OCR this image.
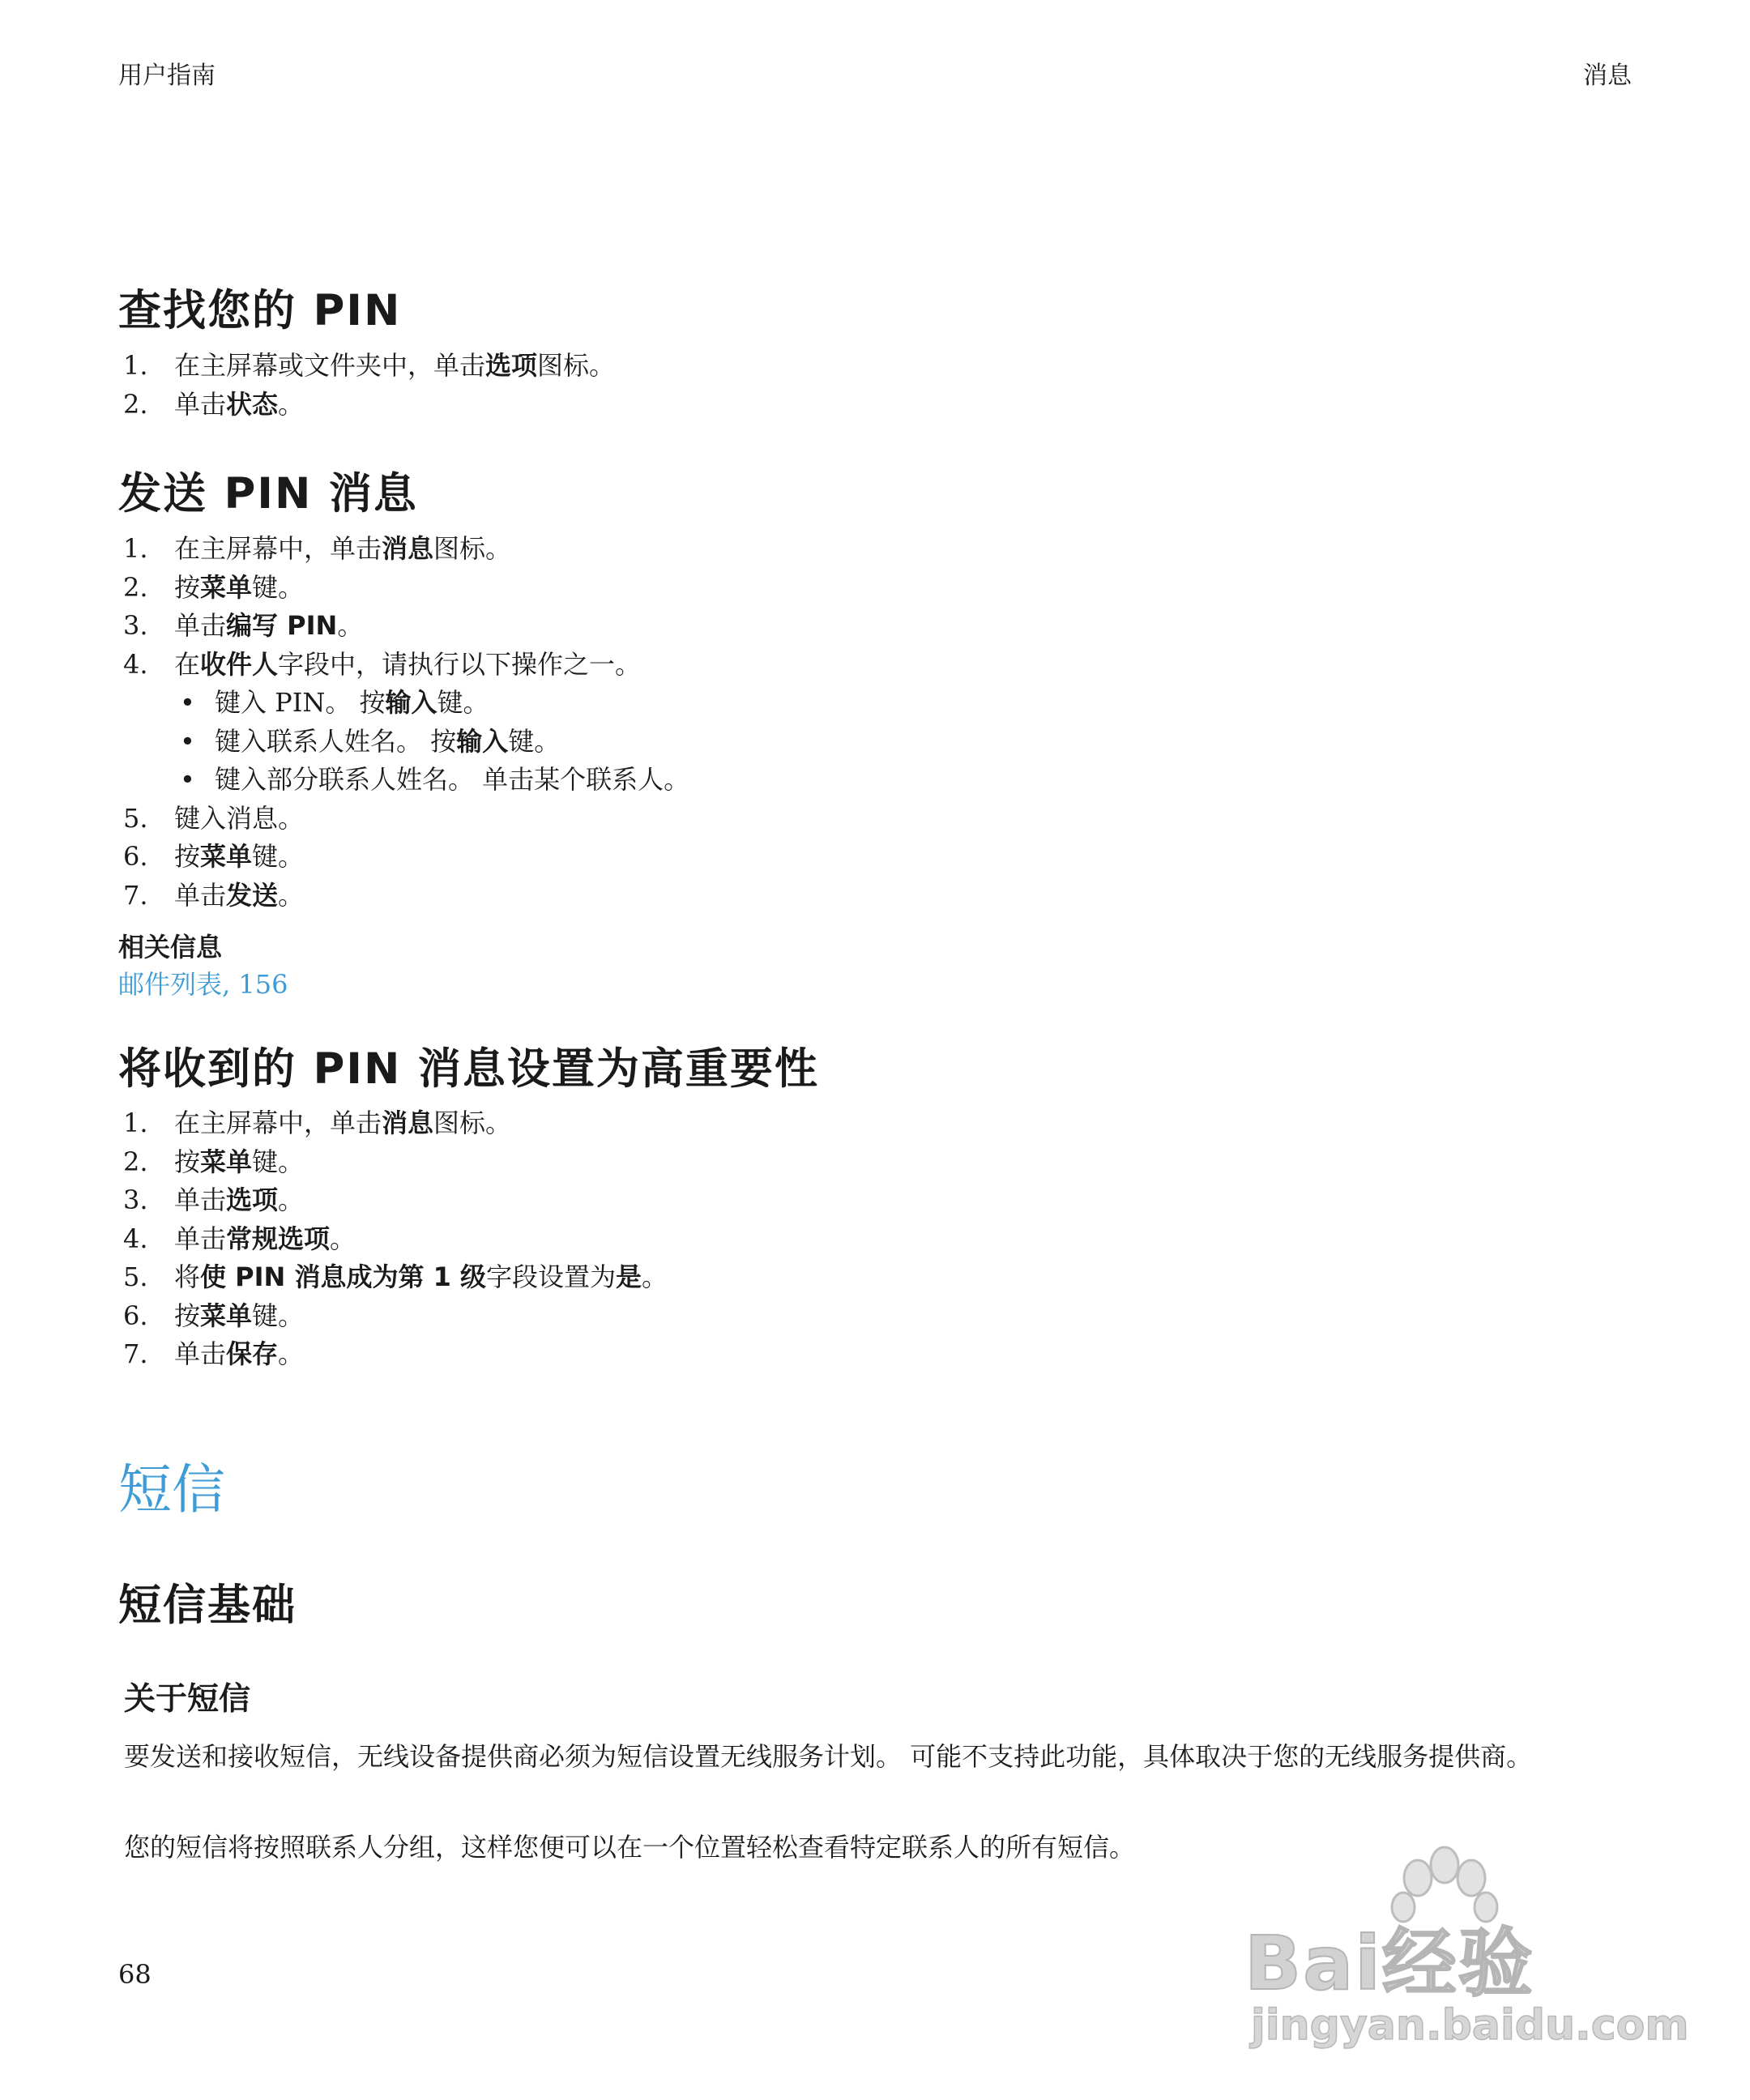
用户指南	消息
查找您的 PIN
1. 在主屏幕或文件夹中，单击选项图标。
2. 单击状态。
发送 PIN 消息
1. 在主屏幕中，单击消息图标。
2. 按菜单键。
3. 单击编写 PIN。
4. 在收件人字段中，请执行以下操作之一。
• 键入 PIN。 按输入键。
• 键入联系人姓名。 按输入键。
• 键入部分联系人姓名。 单击某个联系人。
5. 键入消息。
6. 按菜单键。
7. 单击发送。
相关信息
邮件列表, 156
将收到的 PIN 消息设置为高重要性
1. 在主屏幕中，单击消息图标。
2. 按菜单键。
3. 单击选项。
4. 单击常规选项。
5. 将使 PIN 消息成为第 1 级字段设置为是。
6. 按菜单键。
7. 单击保存。
短信
短信基础
关于短信

要发送和接收短信，无线设备提供商必须为短信设置无线服务计划。 可能不支持此功能，具体取决于您的无线服务提供商。

您的短信将按照联系人分组，这样您便可以在一个位置轻松查看特定联系人的所有短信。

68	Bai经验
jingyan.baidu.com
